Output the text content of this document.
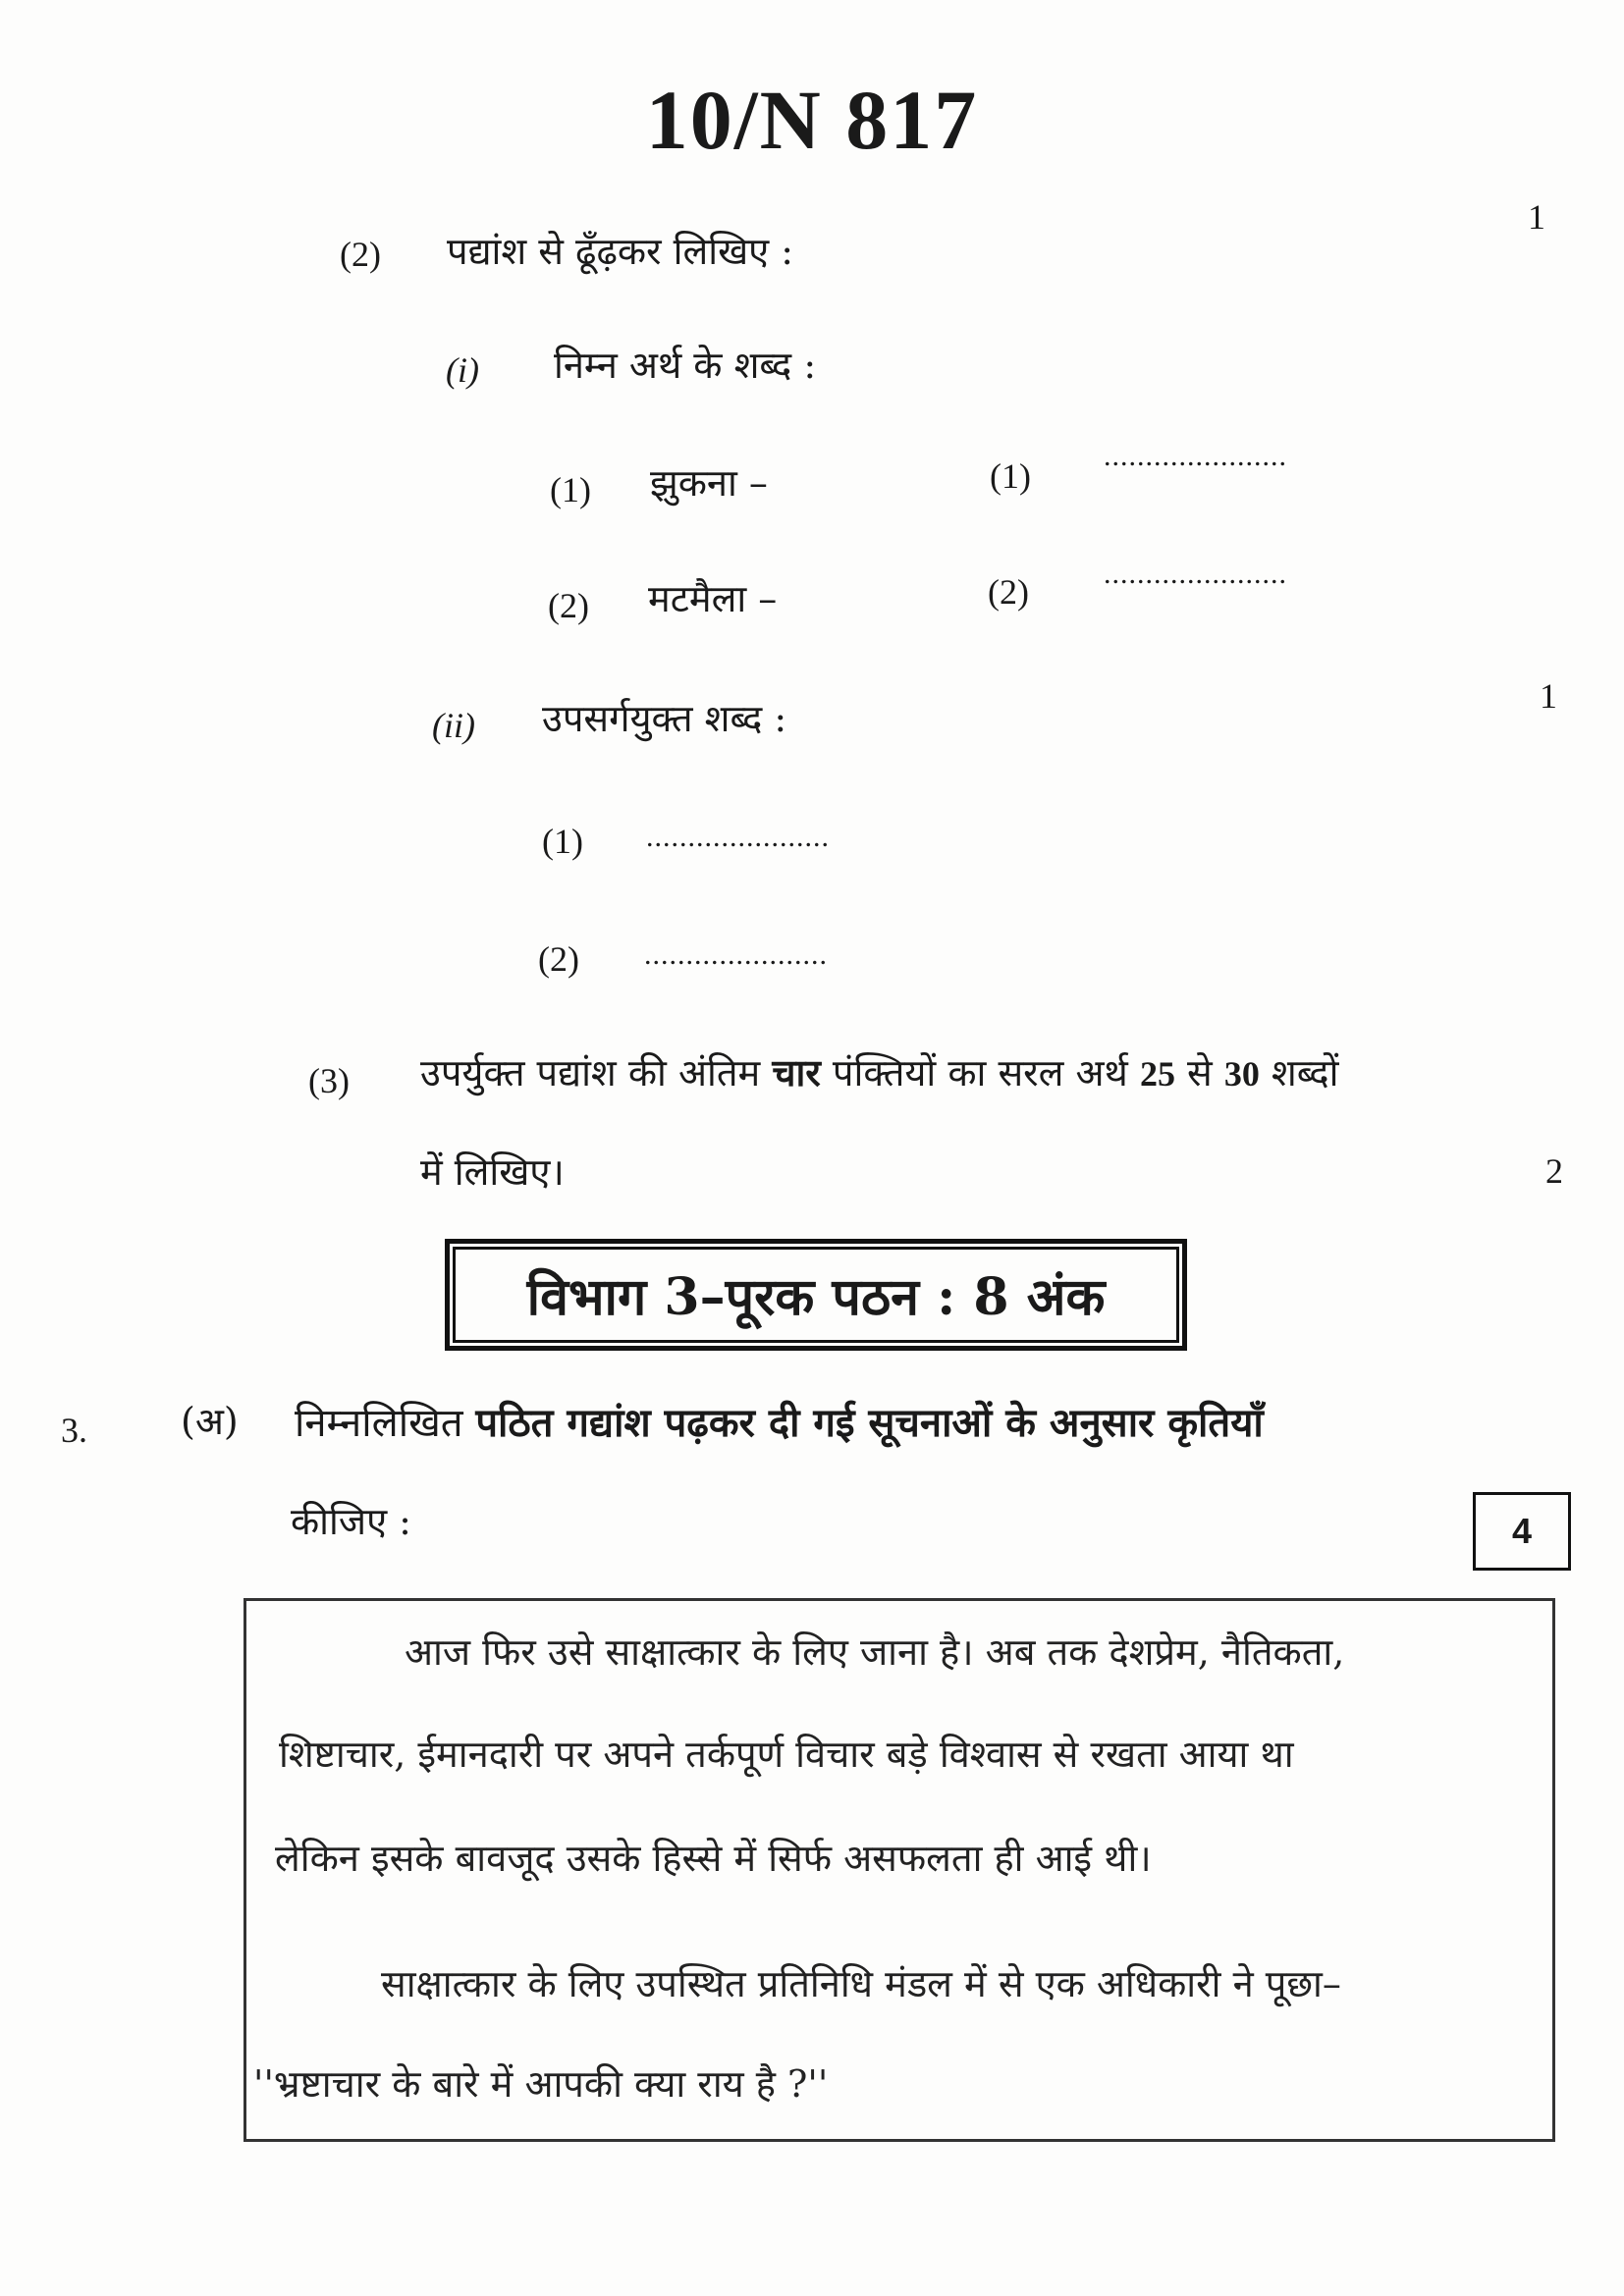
10/N 817
1
(2) पद्यांश से ढूँढ़कर लिखिए :
(i) निम्न अर्थ के शब्द :
(1) झुकना –	(1)
......................
(2) मटमैला –	(2)	......................
1
(ii) उपसर्गयुक्त शब्द :
(1) ......................
(2) ......................
(3) उपर्युक्त पद्यांश की अंतिम चार पंक्तियों का सरल अर्थ 25 से 30 शब्दों
में लिखिए।	2
विभाग 3–पूरक पठन : 8 अंक
3.	(अ) निम्नलिखित पठित गद्यांश पढ़कर दी गई सूचनाओं के अनुसार कृतियाँ
कीजिए :	4
आज फिर उसे साक्षात्कार के लिए जाना है। अब तक देशप्रेम, नैतिकता,
शिष्टाचार, ईमानदारी पर अपने तर्कपूर्ण विचार बड़े विश्वास से रखता आया था
लेकिन इसके बावजूद उसके हिस्से में सिर्फ असफलता ही आई थी।
साक्षात्कार के लिए उपस्थित प्रतिनिधि मंडल में से एक अधिकारी ने पूछा–
''भ्रष्टाचार के बारे में आपकी क्या राय है ?''
